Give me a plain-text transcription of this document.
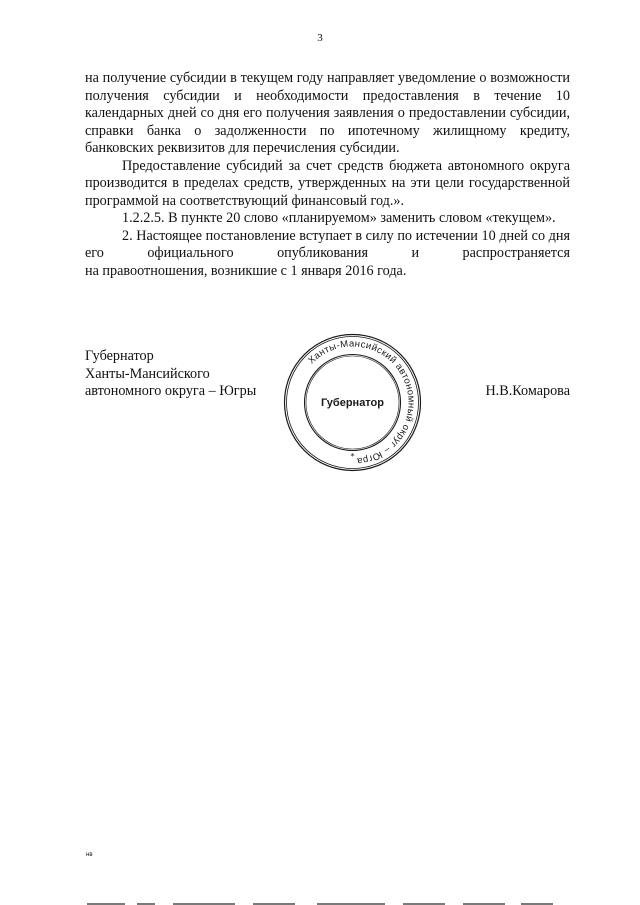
3

на получение субсидии в текущем году направляет уведомление о возможности получения субсидии и необходимости предоставления в течение 10 календарных дней со дня его получения заявления о предоставлении субсидии, справки банка о задолженности по ипотечному жилищному кредиту, банковских реквизитов для перечисления субсидии.

Предоставление субсидий за счет средств бюджета автономного округа производится в пределах средств, утвержденных на эти цели государственной программой на соответствующий финансовый год.».

1.2.2.5. В пункте 20 слово «планируемом» заменить словом «текущем».

2. Настоящее постановление вступает в силу по истечении 10 дней со дня его официального опубликования и распространяется

на правоотношения, возникшие с 1 января 2016 года.

Губернатор
Ханты-Мансийского
автономного округа – Югры	Н.В.Комарова
Ханты-Мансийский автономный округ – Югра
Губернатор
*
нв
